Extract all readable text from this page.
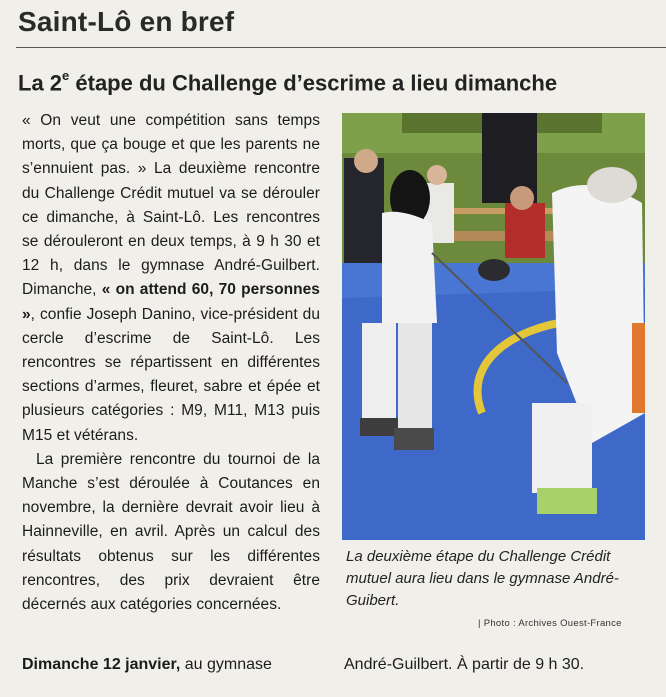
Saint-Lô en bref
La 2e étape du Challenge d’escrime a lieu dimanche

« On veut une compétition sans temps morts, que ça bouge et que les parents ne s’ennuient pas. » La deuxième rencontre du Challenge Crédit mutuel va se dérouler ce dimanche, à Saint-Lô. Les rencontres se dérouleront en deux temps, à 9 h 30 et 12 h, dans le gymnase André-Guilbert. Dimanche, « on attend 60, 70 personnes », confie Joseph Danino, vice-président du cercle d’escrime de Saint-Lô. Les rencontres se répartissent en différentes sections d’armes, fleuret, sabre et épée et plusieurs catégories : M9, M11, M13 puis M15 et vétérans.

La première rencontre du tournoi de la Manche s’est déroulée à Coutances en novembre, la dernière devrait avoir lieu à Hainneville, en avril. Après un calcul des résultats obtenus sur les différentes rencontres, des prix devraient être décernés aux catégories concernées.

La deuxième étape du Challenge Crédit mutuel aura lieu dans le gymnase André-Guibert.
| Photo : Archives Ouest-France
Dimanche 12 janvier, au gymnase	André-Guilbert. À partir de 9 h 30.
